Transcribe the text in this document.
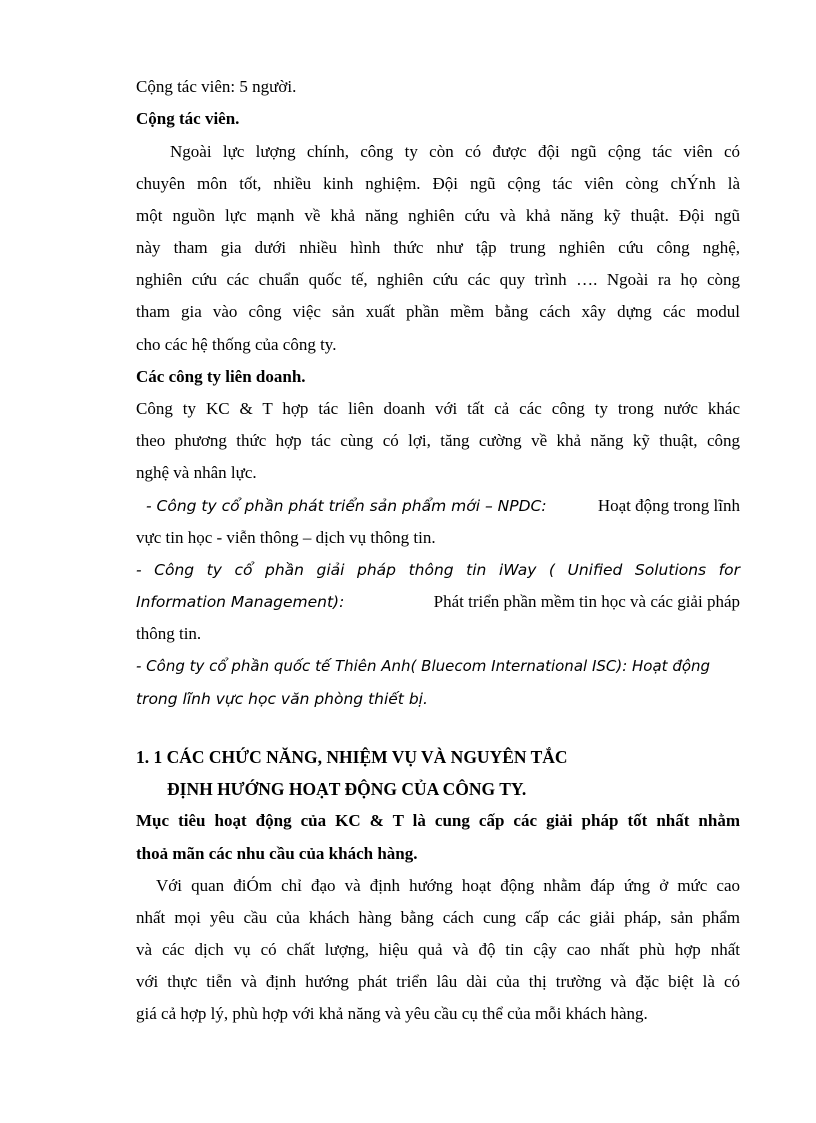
Cộng tác viên: 5 người.
Cộng tác viên.
Ngoài lực lượng chính, công ty còn có được đội ngũ cộng tác viên có
chuyên môn tốt, nhiều kinh nghiệm. Đội ngũ cộng tác viên còng chÝnh là
một nguồn lực mạnh về khả năng nghiên cứu và khả năng kỹ thuật. Đội ngũ
này tham gia dưới nhiều hình thức như tập trung nghiên cứu công nghệ,
nghiên cứu các chuẩn quốc tế, nghiên cứu các quy trình …. Ngoài ra họ còng
tham gia vào công việc sản xuất phần mềm bằng cách xây dựng các modul
cho các hệ thống của công ty.
Các công ty liên doanh.
Công ty KC & T hợp tác liên doanh với tất cả các công ty trong nước khác
theo phương thức hợp tác cùng có lợi, tăng cường về khả năng kỹ thuật, công
nghệ và nhân lực.
- Công ty cổ phần phát triển sản phẩm mới – NPDC:	Hoạt động trong lĩnh
vực tin học - viễn thông – dịch vụ thông tin.
- Công ty cổ phần giải pháp thông tin iWay ( Unified Solutions for
Information Management):	Phát triển phần mềm tin học và các giải pháp
thông tin.
- Công ty cổ phần quốc tế Thiên Anh( Bluecom International ISC): Hoạt động
trong lĩnh vực học văn phòng thiết bị.
1. 1 CÁC CHỨC NĂNG, NHIỆM VỤ VÀ NGUYÊN TẮC
ĐỊNH HƯỚNG HOẠT ĐỘNG CỦA CÔNG TY.
Mục tiêu hoạt động của KC & T là cung cấp các giải pháp tốt nhất nhằm
thoả mãn các nhu cầu của khách hàng.
Với quan điÓm chỉ đạo và định hướng hoạt động nhằm đáp ứng ở mức cao
nhất mọi yêu cầu của khách hàng bằng cách cung cấp các giải pháp, sản phẩm
và các dịch vụ có chất lượng, hiệu quả và độ tin cậy cao nhất phù hợp nhất
với thực tiễn và định hướng phát triển lâu dài của thị trường và đặc biệt là có
giá cả hợp lý, phù hợp với khả năng và yêu cầu cụ thể của mỗi khách hàng.
